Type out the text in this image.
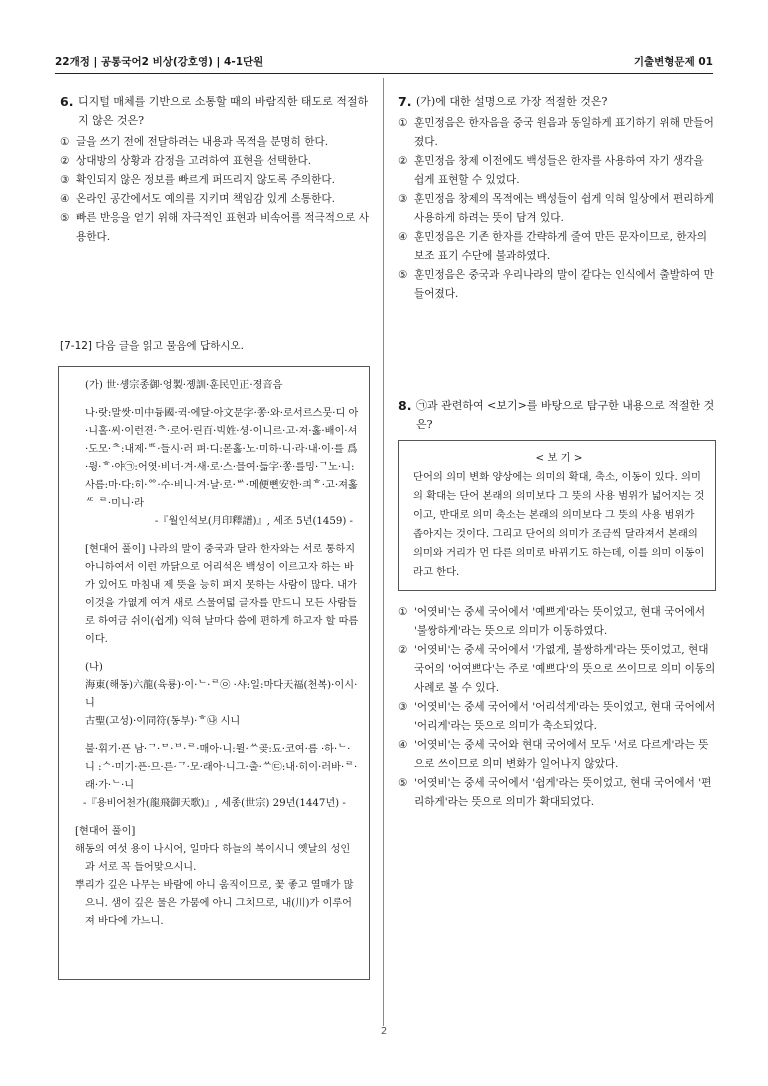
22개정 | 공통국어2 비상(강호영) | 4-1단원	기출변형문제 01
6. 디지털 매체를 기반으로 소통할 때의 바람직한 태도로 적절하지 않은 것은?
① 글을 쓰기 전에 전달하려는 내용과 목적을 분명히 한다.
② 상대방의 상황과 감정을 고려하여 표현을 선택한다.
③ 확인되지 않은 정보를 빠르게 퍼뜨리지 않도록 주의한다.
④ 온라인 공간에서도 예의를 지키며 책임감 있게 소통한다.
⑤ 빠른 반응을 얻기 위해 자극적인 표현과 비속어를 적극적으로 사용한다.
[7-12] 다음 글을 읽고 물음에 답하시오.

(가) 世·솅宗종御·엉製·졩訓·훈民민正·졍音음

나·랏:말쌋·미中듕國·귁·에달·아文문字·쫑·와·로서르스뭇·디 아·니홀·씨·이런젼·ᄎ·로어·린百·빅姓·셩·이니르·고·져·홇·배이·셔·도모·ᄎ:내제·ᄠ·들시·러 펴·디:몯홇·노·미하·니·라·내·이·를 爲·윙·ᄒ·야㉠:어엿·비너·겨·새·로·스·믈여·듧字·쫑·를밍·ᄀ노·니:사름:마·다:히·ᅇ·수·비니·겨·날·로·ᄡ·메便뼌安한·킈ᄒ·고·져홇ᄯ ᄅ·미니·라

-『월인석보(月印釋譜)』, 세조 5년(1459) -

[현대어 풀이] 나라의 말이 중국과 달라 한자와는 서로 통하지 아니하여서 이런 까닭으로 어리석은 백성이 이르고자 하는 바가 있어도 마침내 제 뜻을 능히 펴지 못하는 사람이 많다. 내가 이것을 가엾게 여겨 새로 스물여덟 글자를 만드니 모든 사람들로 하여금 쉬이(쉽게) 익혀 날마다 씀에 편하게 하고자 할 따름이다.

(나)

海東(해동)六龍(육룡)·이·ᄂ·ᄅ㉧ ·샤:일:마다天福(천복)·이시·니

古聖(고성)·이同符(동부)·ᄒ㉯ 시니

불·휘기·픈 남·ᄀ·ᄆ·ᄇ·ᄅ·매아·니:뮐·ᄊ곶:됴·코여·름 ·하·ᄂ·니 :ᄉ·미기·픈·므·른·ᄀ·모·래아·니그·출·ᄊ㉢:내·히이·러바·ᄅ·래·가·ᄂ·니

-『용비어천가(龍飛御天歌)』, 세종(世宗) 29년(1447년) -

[현대어 풀이]

해동의 여섯 용이 나시어, 일마다 하늘의 복이시니 옛날의 성인과 서로 꼭 들어맞으시니.

뿌리가 깊은 나무는 바람에 아니 움직이므로, 꽃 좋고 열매가 많으니. 샘이 깊은 물은 가뭄에 아니 그치므로, 내(川)가 이루어져 바다에 가느니.

7. (가)에 대한 설명으로 가장 적절한 것은?
① 훈민정음은 한자음을 중국 원음과 동일하게 표기하기 위해 만들어졌다.
② 훈민정음 창제 이전에도 백성들은 한자를 사용하여 자기 생각을 쉽게 표현할 수 있었다.
③ 훈민정음 창제의 목적에는 백성들이 쉽게 익혀 일상에서 편리하게 사용하게 하려는 뜻이 담겨 있다.
④ 훈민정음은 기존 한자를 간략하게 줄여 만든 문자이므로, 한자의 보조 표기 수단에 불과하였다.
⑤ 훈민정음은 중국과 우리나라의 말이 같다는 인식에서 출발하여 만들어졌다.
8. ㉠과 관련하여 <보기>를 바탕으로 탐구한 내용으로 적절한 것은?
< 보 기 >
단어의 의미 변화 양상에는 의미의 확대, 축소, 이동이 있다. 의미의 확대는 단어 본래의 의미보다 그 뜻의 사용 범위가 넓어지는 것이고, 반대로 의미 축소는 본래의 의미보다 그 뜻의 사용 범위가 좁아지는 것이다. 그리고 단어의 의미가 조금씩 달라져서 본래의 의미와 거리가 먼 다른 의미로 바뀌기도 하는데, 이를 의미 이동이라고 한다.
① '어엿비'는 중세 국어에서 '예쁘게'라는 뜻이었고, 현대 국어에서 '불쌍하게'라는 뜻으로 의미가 이동하였다.
② '어엿비'는 중세 국어에서 '가엾게, 불쌍하게'라는 뜻이었고, 현대 국어의 '어여쁘다'는 주로 '예쁘다'의 뜻으로 쓰이므로 의미 이동의 사례로 볼 수 있다.
③ '어엿비'는 중세 국어에서 '어리석게'라는 뜻이었고, 현대 국어에서 '어리게'라는 뜻으로 의미가 축소되었다.
④ '어엿비'는 중세 국어와 현대 국어에서 모두 '서로 다르게'라는 뜻으로 쓰이므로 의미 변화가 일어나지 않았다.
⑤ '어엿비'는 중세 국어에서 '쉽게'라는 뜻이었고, 현대 국어에서 '편리하게'라는 뜻으로 의미가 확대되었다.
2
